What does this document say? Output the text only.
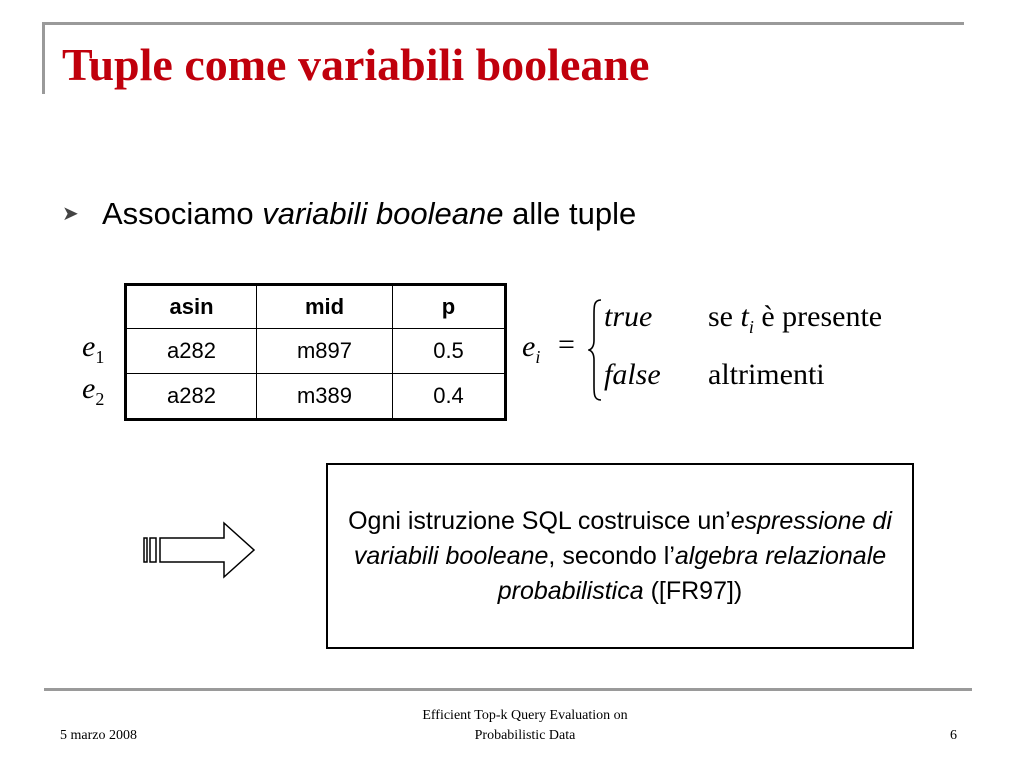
Tuple come variabili booleane
➤ Associamo variabili booleane alle tuple
asin	mid	p
a282	m897	0.5
a282	m389	0.4
$e_1$
$e_2$
$e_i$ =
true se $t_i$ è presente
false altrimenti
Ogni istruzione SQL costruisce un’espressione di variabili booleane, secondo l’algebra relazionale probabilistica ([FR97])
5 marzo 2008
Efficient Top-k Query Evaluation on
Probabilistic Data	6
